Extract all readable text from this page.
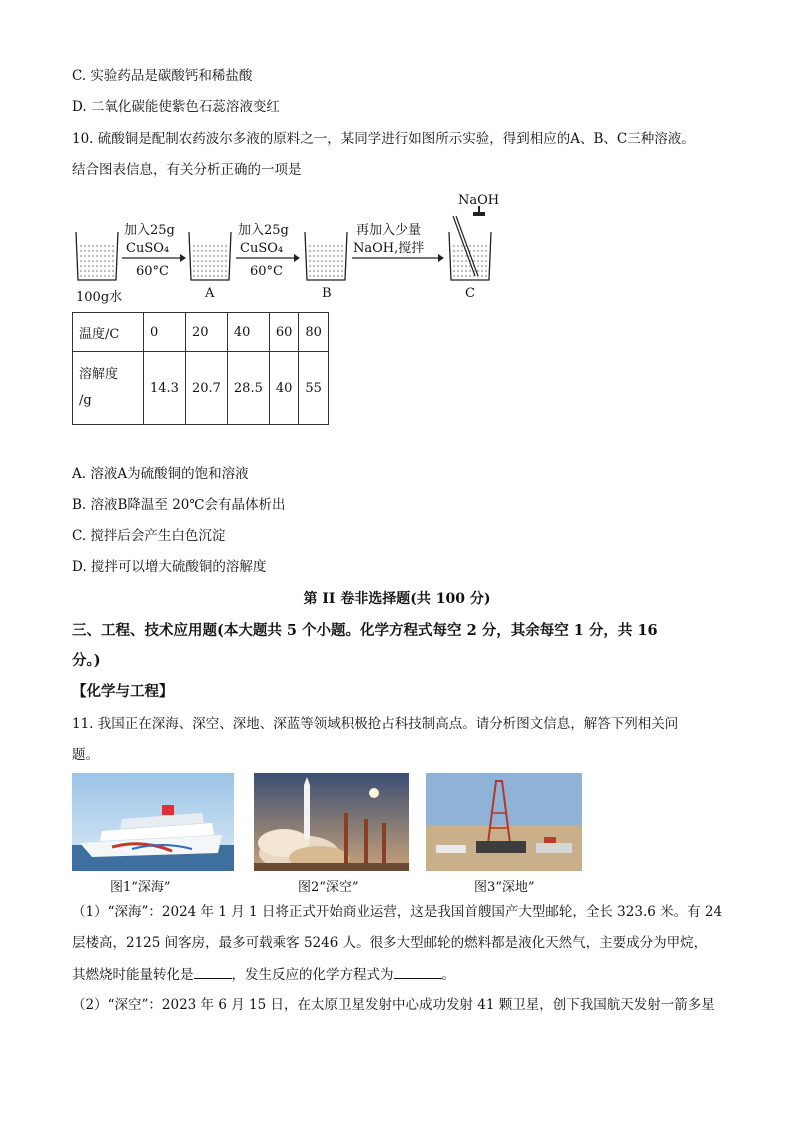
C. 实验药品是碳酸钙和稀盐酸
D. 二氧化碳能使紫色石蕊溶液变红
10. 硫酸铜是配制农药波尔多液的原料之一，某同学进行如图所示实验，得到相应的A、B、C三种溶液。
结合图表信息，有关分析正确的一项是
NaOH
加入25g
CuSO₄
60°C
加入25g
CuSO₄
60°C
再加入少量
NaOH,搅拌
100g水	A	B	C
温度/C	0	20	40	60	80

溶解度
/g	14.3	20.7	28.5	40	55
A. 溶液A为硫酸铜的饱和溶液
B. 溶液B降温至 20℃会有晶体析出
C. 搅拌后会产生白色沉淀
D. 搅拌可以增大硫酸铜的溶解度
第 II 卷非选择题(共 100 分)
三、工程、技术应用题(本大题共 5 个小题。化学方程式每空 2 分，其余每空 1 分，共 16
分。)
【化学与工程】
11. 我国正在深海、深空、深地、深蓝等领域积极抢占科技制高点。请分析图文信息，解答下列相关问
题。
图1“深海”	图2“深空”	图3“深地”
（1）“深海”：2024 年 1 月 1 日将正式开始商业运营，这是我国首艘国产大型邮轮，全长 323.6 米。有 24
层楼高，2125 间客房，最多可载乘客 5246 人。很多大型邮轮的燃料都是液化天然气，主要成分为甲烷，
其燃烧时能量转化是	，发生反应的化学方程式为	。
（2）“深空”：2023 年 6 月 15 日，在太原卫星发射中心成功发射 41 颗卫星，创下我国航天发射一箭多星
